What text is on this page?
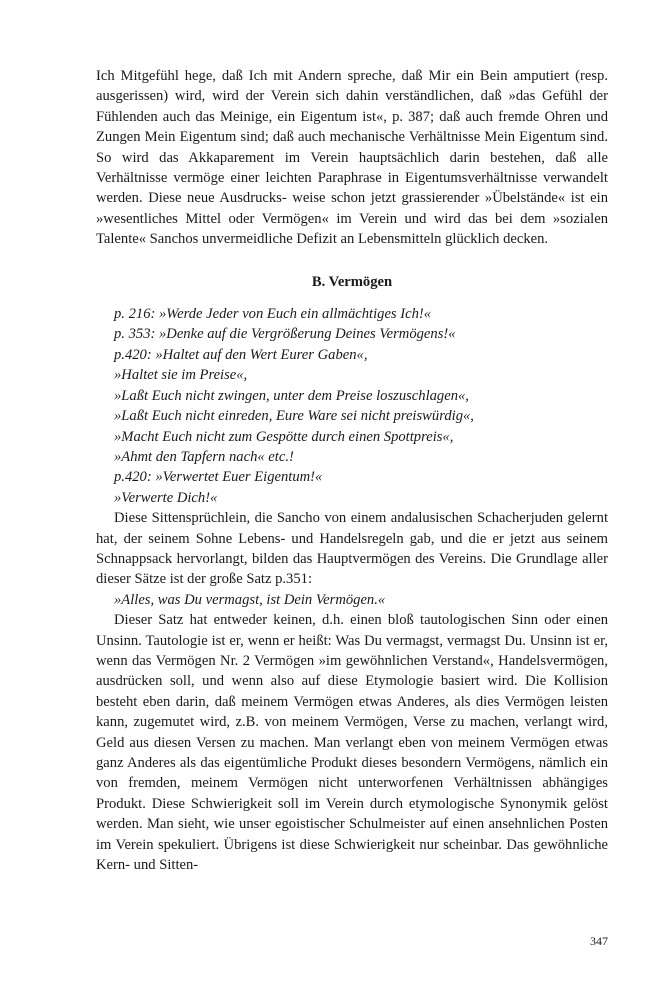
Ich Mitgefühl hege, daß Ich mit Andern spreche, daß Mir ein Bein amputiert (resp. ausgerissen) wird, wird der Verein sich dahin verständlichen, daß »das Gefühl der Fühlenden auch das Meinige, ein Eigentum ist«, p. 387; daß auch fremde Ohren und Zungen Mein Eigentum sind; daß auch mechanische Verhältnisse Mein Eigentum sind. So wird das Akkaparement im Verein hauptsächlich darin bestehen, daß alle Verhältnisse vermöge einer leichten Paraphrase in Eigentumsverhältnisse verwandelt werden. Diese neue Ausdrucks- weise schon jetzt grassierender »Übelstände« ist ein »wesentliches Mittel oder Vermögen« im Verein und wird das bei dem »sozialen Talente« Sanchos unvermeidliche Defizit an Lebensmitteln glücklich decken.

B. Vermögen

p. 216: »Werde Jeder von Euch ein allmächtiges Ich!«

p. 353: »Denke auf die Vergrößerung Deines Vermögens!«

p.420: »Haltet auf den Wert Eurer Gaben«,

»Haltet sie im Preise«,

»Laßt Euch nicht zwingen, unter dem Preise loszuschlagen«,

»Laßt Euch nicht einreden, Eure Ware sei nicht preiswürdig«,

»Macht Euch nicht zum Gespötte durch einen Spottpreis«,

»Ahmt den Tapfern nach« etc.!

p.420: »Verwertet Euer Eigentum!«

»Verwerte Dich!«

Diese Sittensprüchlein, die Sancho von einem andalusischen Schacherjuden gelernt hat, der seinem Sohne Lebens- und Handelsregeln gab, und die er jetzt aus seinem Schnappsack hervorlangt, bilden das Hauptvermögen des Vereins. Die Grundlage aller dieser Sätze ist der große Satz p.351:

»Alles, was Du vermagst, ist Dein Vermögen.«

Dieser Satz hat entweder keinen, d.h. einen bloß tautologischen Sinn oder einen Unsinn. Tautologie ist er, wenn er heißt: Was Du vermagst, vermagst Du. Unsinn ist er, wenn das Vermögen Nr. 2 Vermögen »im gewöhnlichen Verstand«, Handelsvermögen, ausdrücken soll, und wenn also auf diese Etymologie basiert wird. Die Kollision besteht eben darin, daß meinem Vermögen etwas Anderes, als dies Vermögen leisten kann, zugemutet wird, z.B. von meinem Vermögen, Verse zu machen, verlangt wird, Geld aus diesen Versen zu machen. Man verlangt eben von meinem Vermögen etwas ganz Anderes als das eigentümliche Produkt dieses besondern Vermögens, nämlich ein von fremden, meinem Vermögen nicht unterworfenen Verhältnissen abhängiges Produkt. Diese Schwierigkeit soll im Verein durch etymologische Synonymik gelöst werden. Man sieht, wie unser egoistischer Schulmeister auf einen ansehnlichen Posten im Verein spekuliert. Übrigens ist diese Schwierigkeit nur scheinbar. Das gewöhnliche Kern- und Sitten-

347
